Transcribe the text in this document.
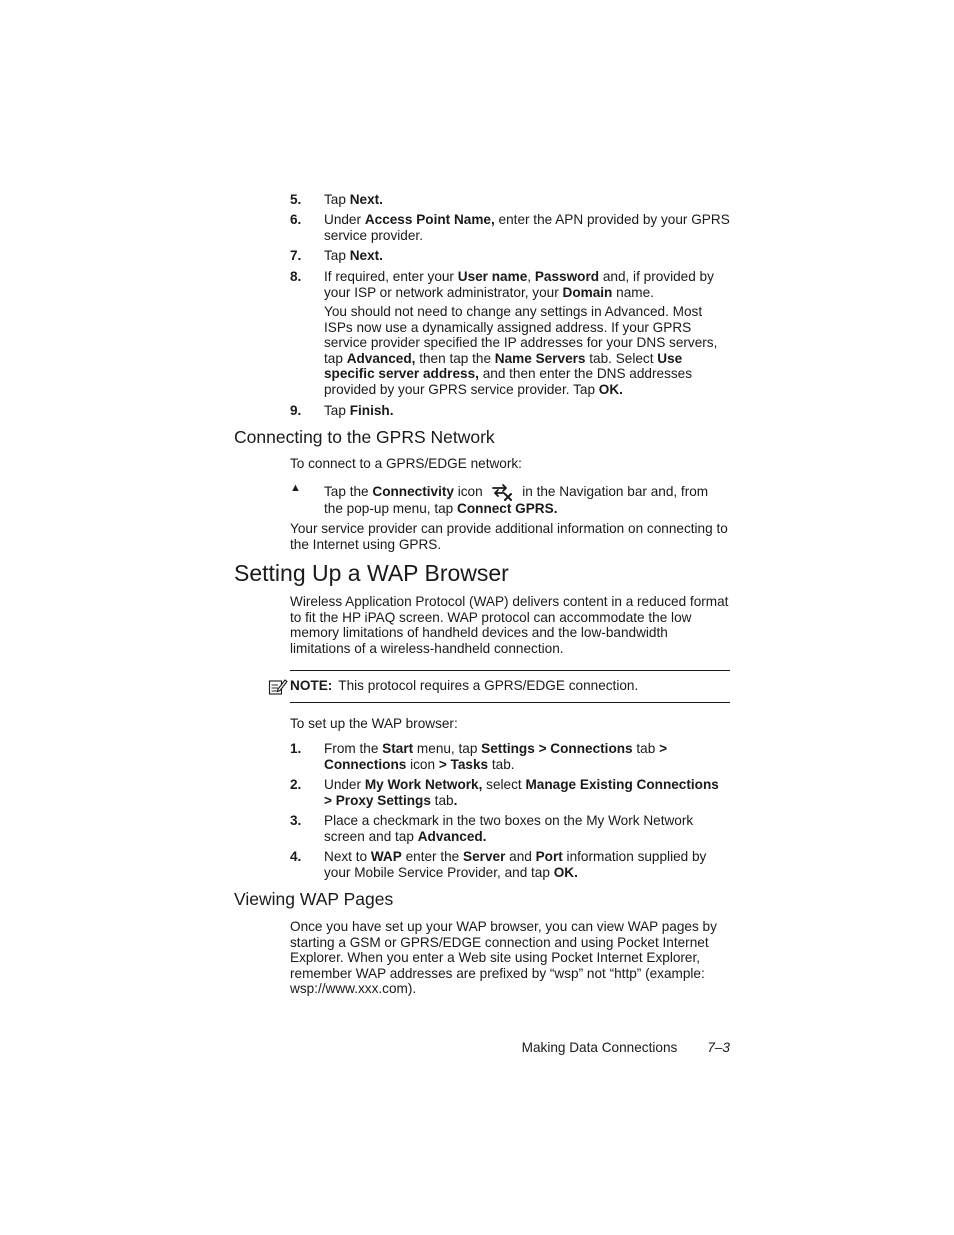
5.	Tap Next.
6.	Under Access Point Name, enter the APN provided by your GPRS service provider.
7.	Tap Next.
8.	If required, enter your User name, Password and, if provided by your ISP or network administrator, your Domain name.
You should not need to change any settings in Advanced. Most ISPs now use a dynamically assigned address. If your GPRS service provider specified the IP addresses for your DNS servers, tap Advanced, then tap the Name Servers tab. Select Use specific server address, and then enter the DNS addresses provided by your GPRS service provider. Tap OK.
9.	Tap Finish.
Connecting to the GPRS Network
To connect to a GPRS/EDGE network:
▲	Tap the Connectivity icon	in the Navigation bar and, from the pop-up menu, tap Connect GPRS.
Your service provider can provide additional information on connecting to the Internet using GPRS.
Setting Up a WAP Browser
Wireless Application Protocol (WAP) delivers content in a reduced format to fit the HP iPAQ screen. WAP protocol can accommodate the low memory limitations of handheld devices and the low-bandwidth limitations of a wireless-handheld connection.
NOTE: This protocol requires a GPRS/EDGE connection.
To set up the WAP browser:
1.	From the Start menu, tap Settings > Connections tab > Connections icon > Tasks tab.
2.	Under My Work Network, select Manage Existing Connections > Proxy Settings tab.
3.	Place a checkmark in the two boxes on the My Work Network screen and tap Advanced.
4.	Next to WAP enter the Server and Port information supplied by your Mobile Service Provider, and tap OK.
Viewing WAP Pages
Once you have set up your WAP browser, you can view WAP pages by starting a GSM or GPRS/EDGE connection and using Pocket Internet Explorer. When you enter a Web site using Pocket Internet Explorer, remember WAP addresses are prefixed by “wsp” not “http” (example: wsp://www.xxx.com).
Making Data Connections 7–3
